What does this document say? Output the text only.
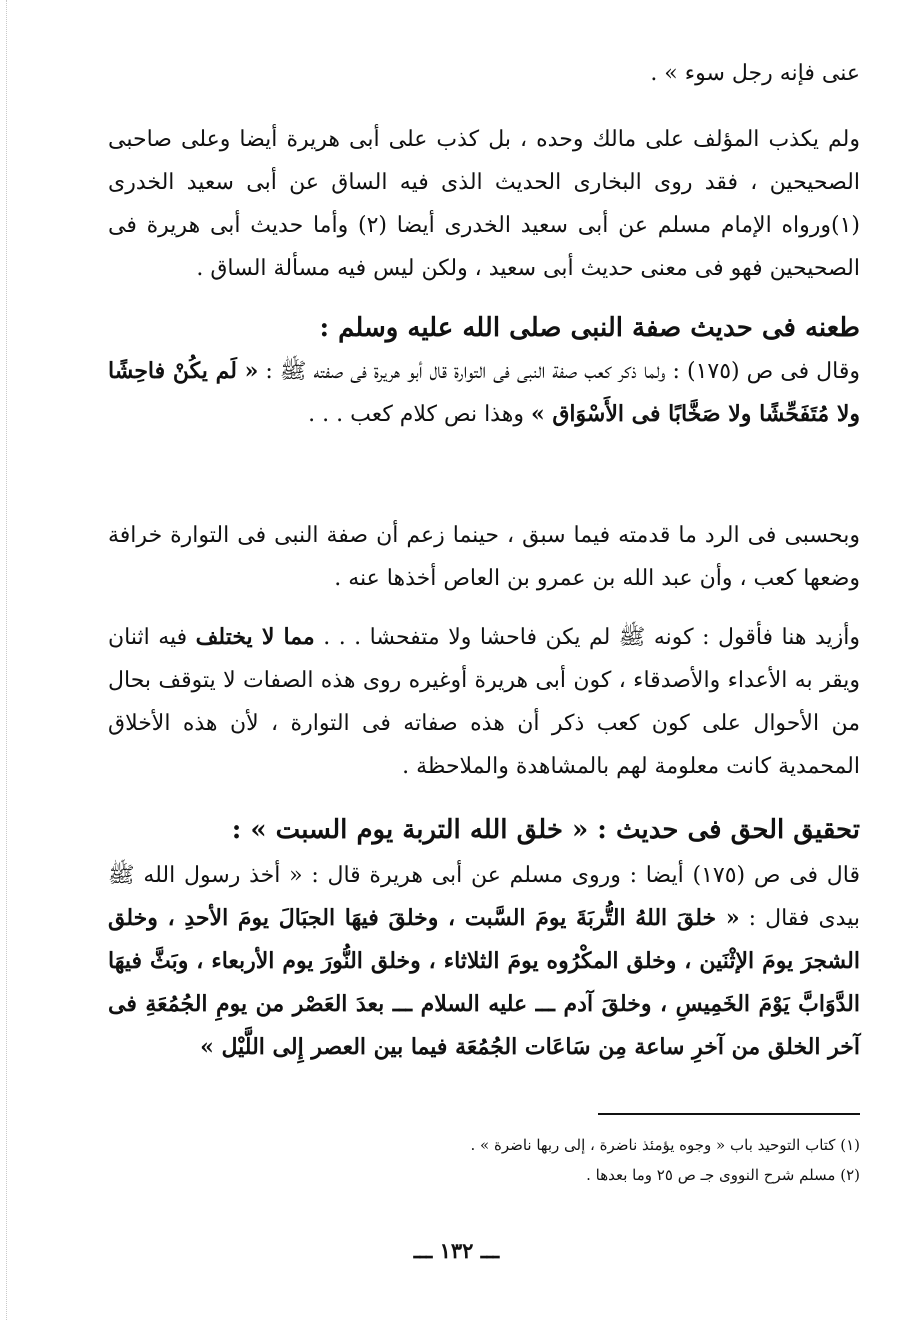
عنى فإنه رجل سوء » .

ولم يكذب المؤلف على مالك وحده ، بل كذب على أبى هريرة أيضا وعلى صاحبى الصحيحين ، فقد روى البخارى الحديث الذى فيه الساق عن أبى سعيد الخدرى (١)ورواه الإمام مسلم عن أبى سعيد الخدرى أيضا (٢) وأما حديث أبى هريرة فى الصحيحين فهو فى معنى حديث أبى سعيد ، ولكن ليس فيه مسألة الساق .

طعنه فى حديث صفة النبى صلى الله عليه وسلم :

وقال فى ص (١٧٥) : ولما ذكر كعب صفة النبى فى التوارة قال أبو هريرة فى صفته ﷺ : « لَم يكُنْ فاحِشًا ولا مُتَفَحِّشًا ولا صَخَّابًا فى الأَسْوَاق » وهذا نص كلام كعب . . .

وبحسبى فى الرد ما قدمته فيما سبق ، حينما زعم أن صفة النبى فى التوارة خرافة وضعها كعب ، وأن عبد الله بن عمرو بن العاص أخذها عنه .

وأزيد هنا فأقول : كونه ﷺ لم يكن فاحشا ولا متفحشا . . . مما لا يختلف فيه اثنان ويقر به الأعداء والأصدقاء ، كون أبى هريرة أوغيره روى هذه الصفات لا يتوقف بحال من الأحوال على كون كعب ذكر أن هذه صفاته فى التوارة ، لأن هذه الأخلاق المحمدية كانت معلومة لهم بالمشاهدة والملاحظة .

تحقيق الحق فى حديث : « خلق الله التربة يوم السبت » :

قال فى ص (١٧٥) أيضا : وروى مسلم عن أبى هريرة قال : « أخذ رسول الله ﷺ بيدى فقال : « خلقَ اللهُ التُّربَةَ يومَ السَّبت ، وخلقَ فيهَا الجبَالَ يومَ الأحدِ ، وخلق الشجرَ يومَ الإثْنَين ، وخلق المكْرُوه يومَ الثلاثاء ، وخلق النُّورَ يوم الأربعاء ، وبَثَّ فيهَا الدَّوَابَّ يَوْمَ الخَمِيسِ ، وخلقَ آدم ـــ عليه السلام ـــ بعدَ العَصْر من يومِ الجُمُعَةِ فى آخر الخلق من آخرِ ساعة مِن سَاعَات الجُمُعَة فيما بين العصر إِلى اللَّيْل »

(١) كتاب التوحيد باب « وجوه يؤمئذ ناضرة ، إلى ربها ناضرة » .

(٢) مسلم شرح النووى جـ ص ٢٥ وما بعدها .

ـــ ١٣٢ ـــ
